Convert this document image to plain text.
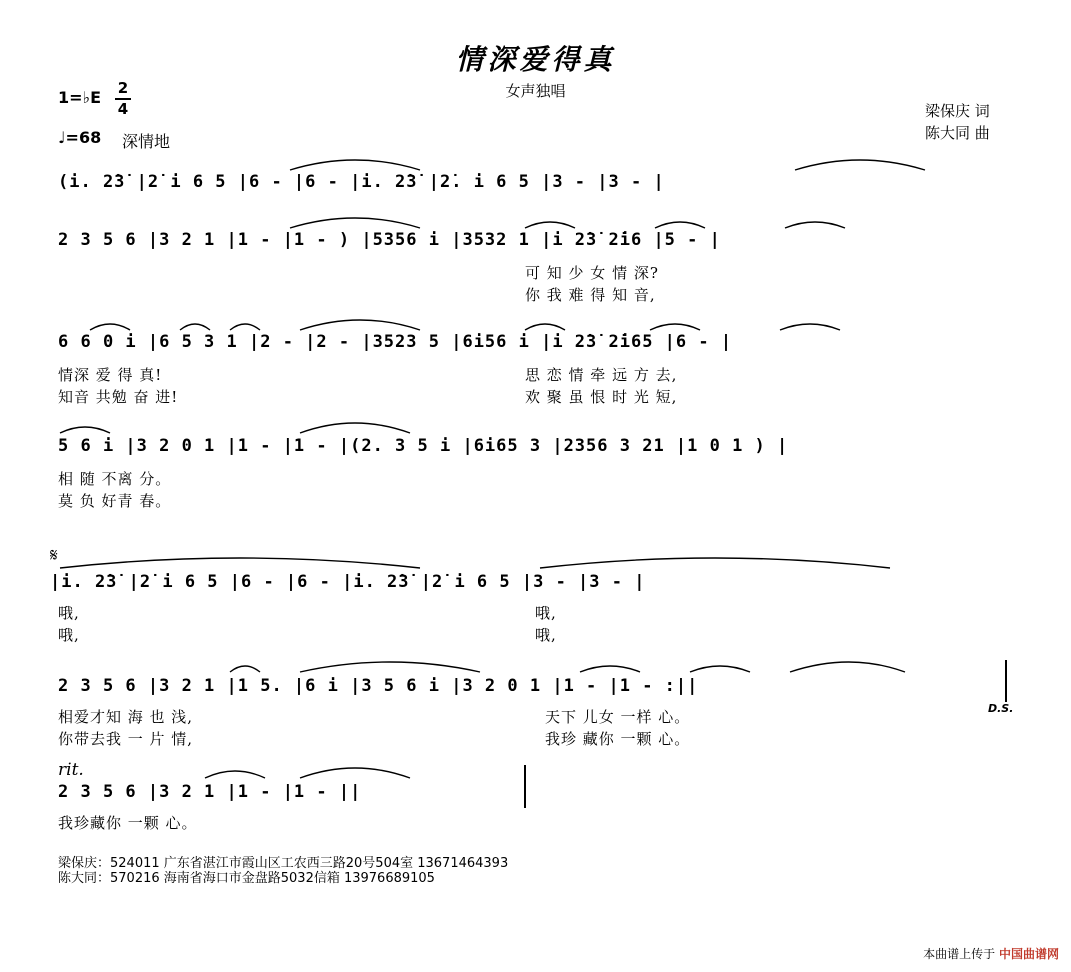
情深爱得真
女声独唱
1=♭E 2
4
♩=68 深情地
梁保庆 词
陈大同 曲
(i. 2̇3̇ |2̇ i 6 5 |6 - |6 - |i. 2̇3̇ |2̇. i 6 5 |3 - |3 - |
2 3 5 6 |3 2 1 |1 - |1 - ) |5356 i |3532 1 |i 2̇3̇ 2̇i6 |5 - |
可 知 少 女 情 深?
你 我 难 得 知 音,
6 6 0 i |6 5 3 1 |2 - |2 - |3523 5 |6i56 i |i 2̇3̇ 2̇i65 |6 - |
情深 爱 得 真!
知音 共勉 奋 进!
思 恋 情 牵 远 方 去,
欢 聚 虽 恨 时 光 短,
5 6 i |3 2 0 1 |1 - |1 - |(2. 3 5 i |6i65 3 |2356 3 21 |1 0 1 ) |
相 随 不离 分。
莫 负 好青 春。
𝄋
|i. 2̇3̇ |2̇ i 6 5 |6 - |6 - |i. 2̇3̇ |2̇ i 6 5 |3 - |3 - |
哦,
哦,
哦,
哦,
2 3 5 6 |3 2 1 |1 5. |6 i |3 5 6 i |3 2 0 1 |1 - |1 - :||
相爱才知 海 也 浅,
你带去我 一 片 情,
天下 儿女 一样 心。
我珍 藏你 一颗 心。
D.S.
rit.
2 3 5 6 |3 2 1 |1 - |1 - ||
我珍藏你 一颗 心。
梁保庆：524011 广东省湛江市霞山区工农西三路20号504室 13671464393
陈大同：570216 海南省海口市金盘路5032信箱 13976689105
本曲谱上传于 中国曲谱网
